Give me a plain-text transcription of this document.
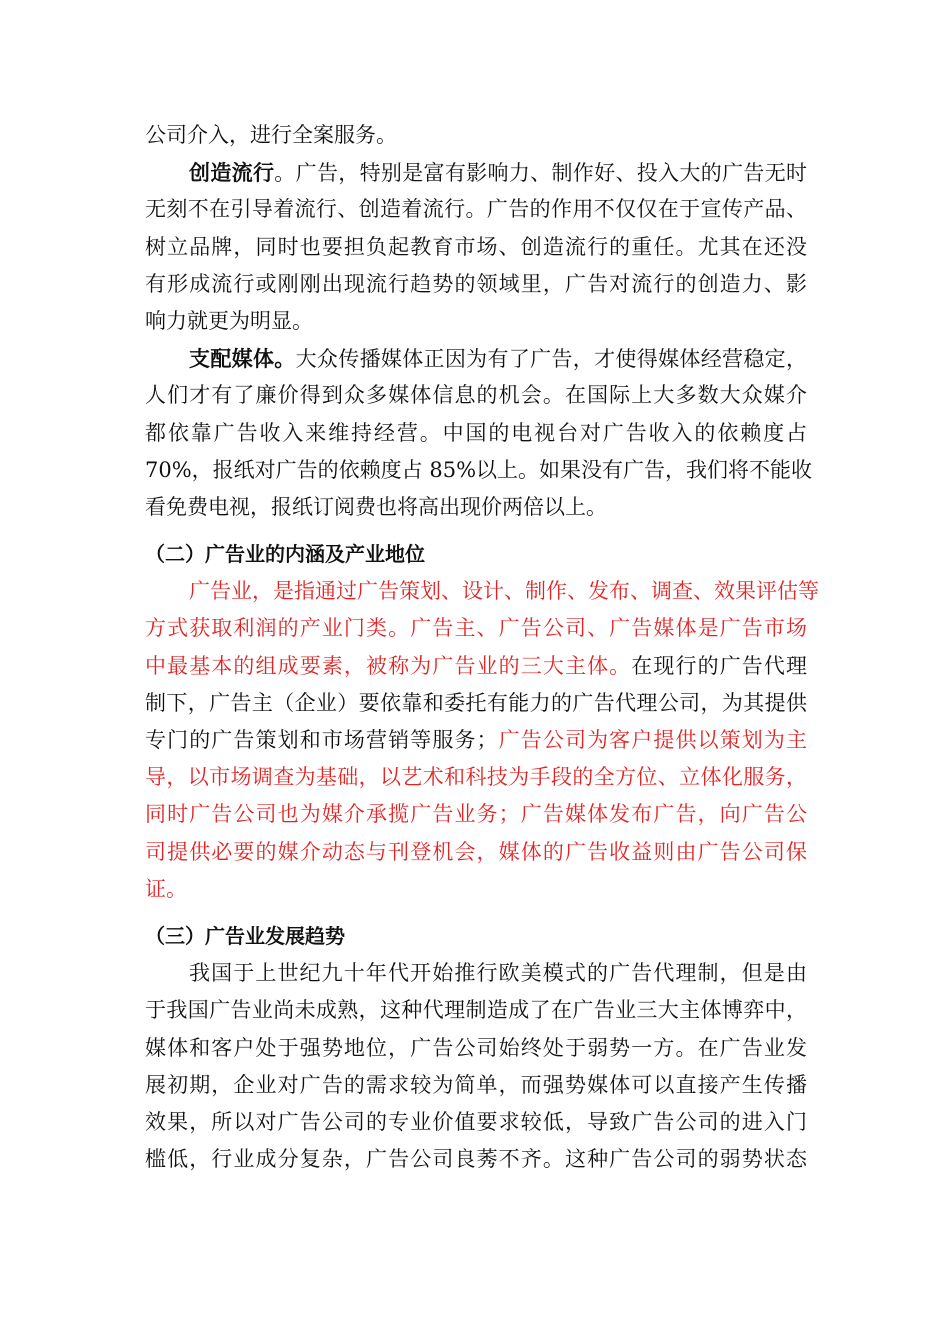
公司介入，进行全案服务。
创造流行。广告，特别是富有影响力、制作好、投入大的广告无时
无刻不在引导着流行、创造着流行。广告的作用不仅仅在于宣传产品、
树立品牌，同时也要担负起教育市场、创造流行的重任。尤其在还没
有形成流行或刚刚出现流行趋势的领域里，广告对流行的创造力、影
响力就更为明显。
支配媒体。大众传播媒体正因为有了广告，才使得媒体经营稳定，
人们才有了廉价得到众多媒体信息的机会。在国际上大多数大众媒介
都依靠广告收入来维持经营。中国的电视台对广告收入的依赖度占
70%，报纸对广告的依赖度占 85%以上。如果没有广告，我们将不能收
看免费电视，报纸订阅费也将高出现价两倍以上。
（二）广告业的内涵及产业地位
广告业，是指通过广告策划、设计、制作、发布、调查、效果评估等
方式获取利润的产业门类。广告主、广告公司、广告媒体是广告市场
中最基本的组成要素，被称为广告业的三大主体。在现行的广告代理
制下，广告主（企业）要依靠和委托有能力的广告代理公司，为其提供
专门的广告策划和市场营销等服务；广告公司为客户提供以策划为主
导，以市场调查为基础，以艺术和科技为手段的全方位、立体化服务，
同时广告公司也为媒介承揽广告业务；广告媒体发布广告，向广告公
司提供必要的媒介动态与刊登机会，媒体的广告收益则由广告公司保
证。
（三）广告业发展趋势
我国于上世纪九十年代开始推行欧美模式的广告代理制，但是由
于我国广告业尚未成熟，这种代理制造成了在广告业三大主体博弈中，
媒体和客户处于强势地位，广告公司始终处于弱势一方。在广告业发
展初期，企业对广告的需求较为简单，而强势媒体可以直接产生传播
效果，所以对广告公司的专业价值要求较低，导致广告公司的进入门
槛低，行业成分复杂，广告公司良莠不齐。这种广告公司的弱势状态
